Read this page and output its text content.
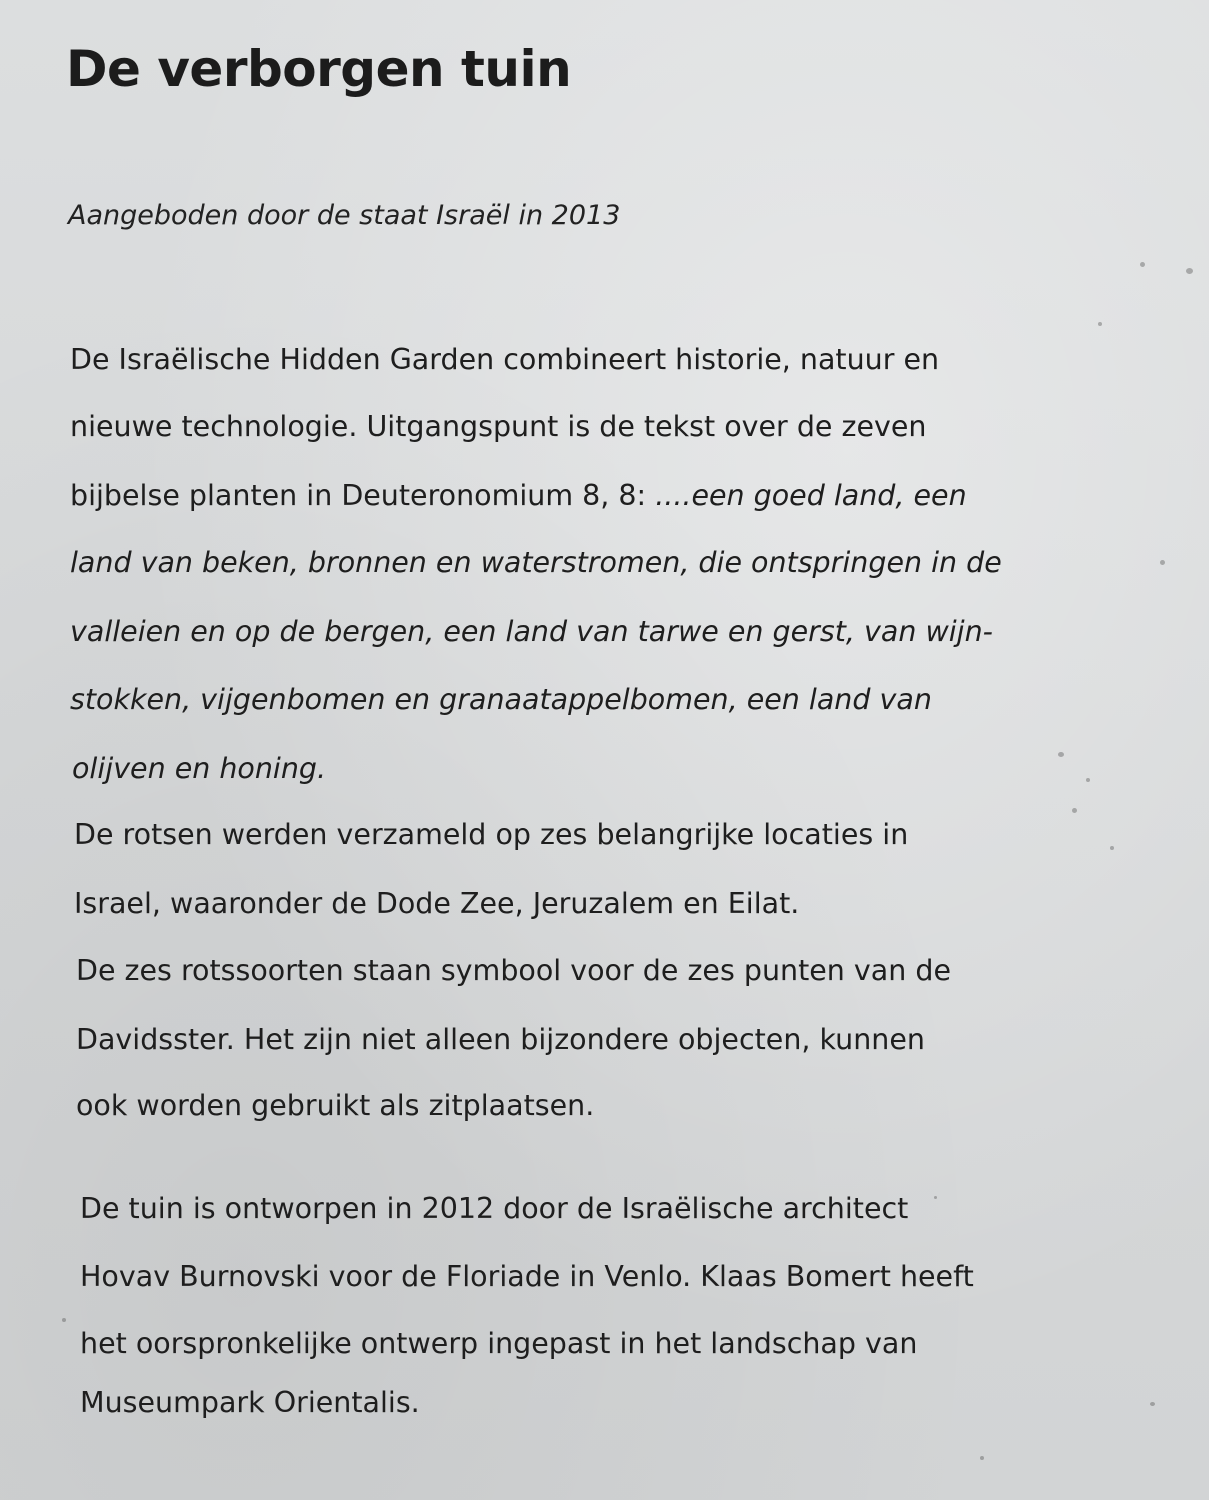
De verborgen tuin

Aangeboden door de staat Israël in 2013

De Israëlische Hidden Garden combineert historie, natuur en

nieuwe technologie. Uitgangspunt is de tekst over de zeven

bijbelse planten in Deuteronomium 8, 8: ....een goed land, een

land van beken, bronnen en waterstromen, die ontspringen in de

valleien en op de bergen, een land van tarwe en gerst, van wijn-

stokken, vijgenbomen en granaatappelbomen, een land van

olijven en honing.

De rotsen werden verzameld op zes belangrijke locaties in

Israel, waaronder de Dode Zee, Jeruzalem en Eilat.

De zes rotssoorten staan symbool voor de zes punten van de

Davidsster. Het zijn niet alleen bijzondere objecten, kunnen

ook worden gebruikt als zitplaatsen.

De tuin is ontworpen in 2012 door de Israëlische architect

Hovav Burnovski voor de Floriade in Venlo. Klaas Bomert heeft

het oorspronkelijke ontwerp ingepast in het landschap van

Museumpark Orientalis.
